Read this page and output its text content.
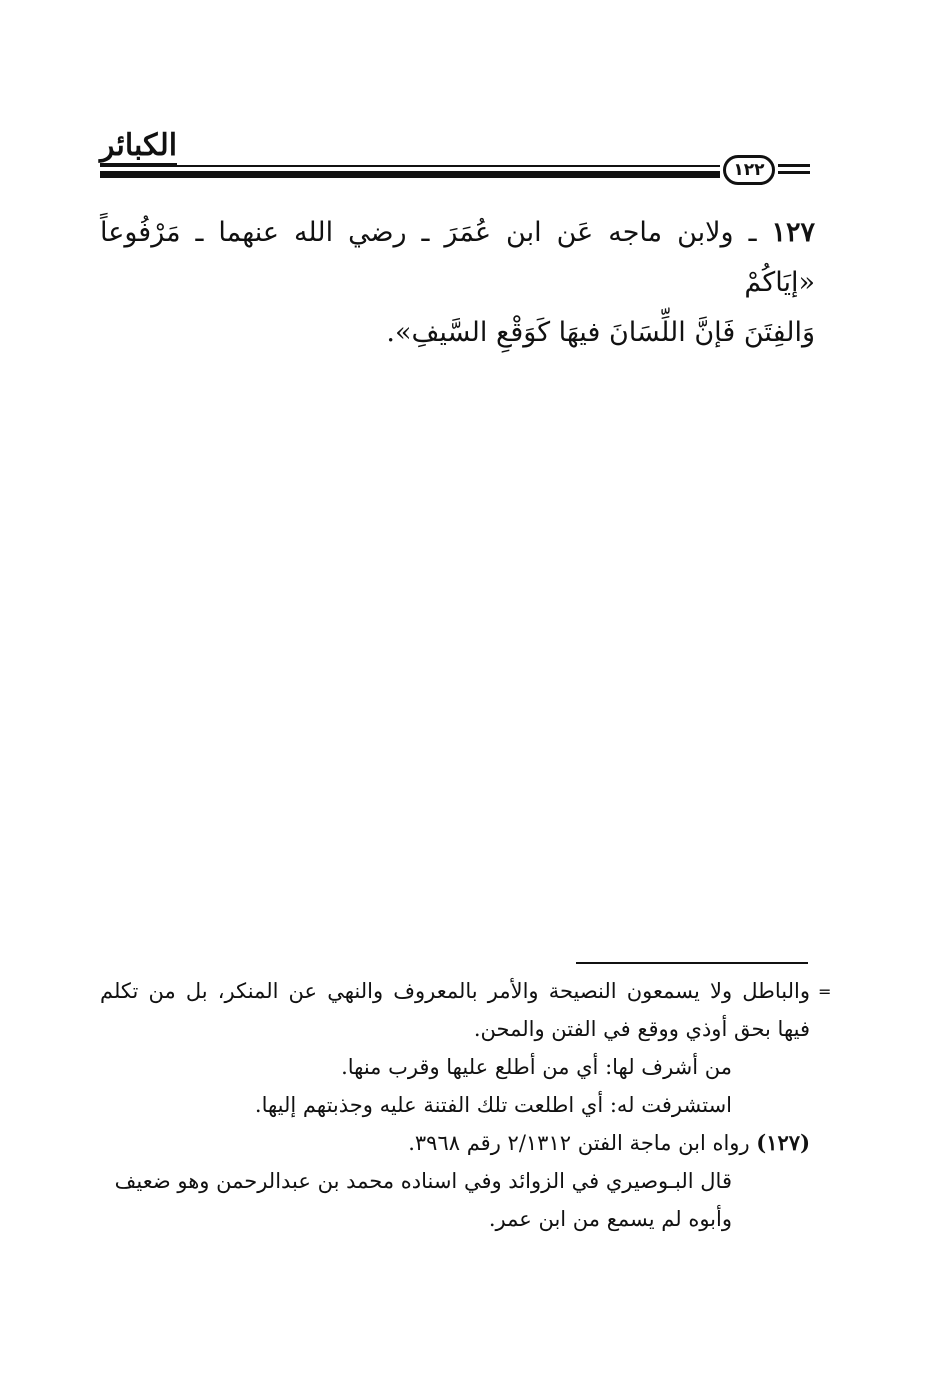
الكبائر
١٢٢
١٢٧ ـ ولابن ماجه عَن ابن عُمَرَ ـ رضي الله عنهما ـ مَرْفُوعاً «إيَاكُمْ
وَالفِتَنَ فَإنَّ اللِّسَانَ فيهَا كَوَقْعِ السَّيفِ».
=
والباطل ولا يسمعون النصيحة والأمر بالمعروف والنهي عن المنكر، بل من تكلم
فيها بحق أوذي ووقع في الفتن والمحن.
من أشرف لها: أي من أطلع عليها وقرب منها.
استشرفت له: أي اطلعت تلك الفتنة عليه وجذبتهم إليها.
(١٢٧) رواه ابن ماجة الفتن ٢/١٣١٢ رقم ٣٩٦٨.
قال البـوصيري في الزوائد وفي اسناده محمد بن عبدالرحمن وهو ضعيف
وأبوه لم يسمع من ابن عمر.
